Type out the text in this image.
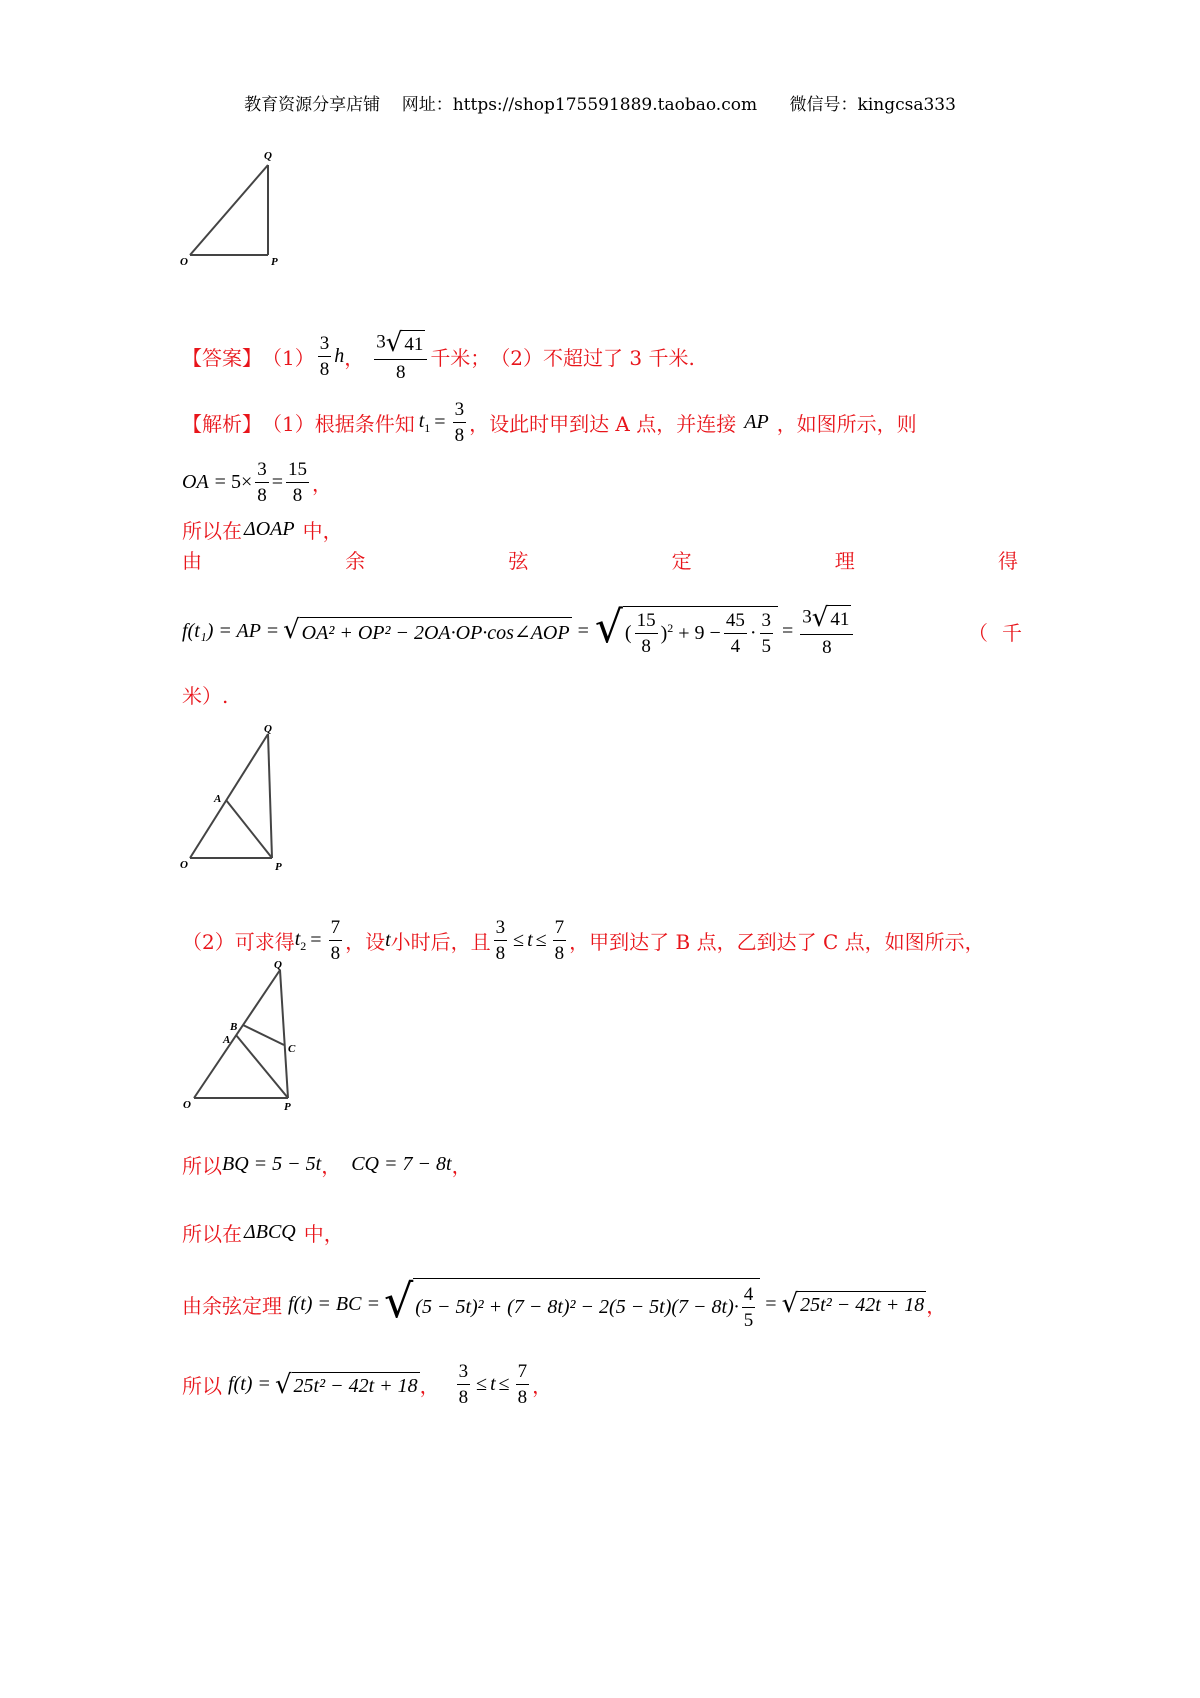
教育资源分享店铺 网址：https://shop175591889.taobao.com 微信号：kingcsa333
O	P
Q
【答案】 $(1) \frac{3}{8}$ h ， $\frac{3 √ 41}{8}$ 千米； （2）不超过了 3 千米.
【解析】 （1）根据条件知 $t_1 = \frac{3}{8}$ ，设此时甲到达 A 点，并连接 AP ，如图所示，则
OA = $5\times \frac{3}{8} = \frac{15}{8}$ ，
所以在 ΔOAP 中，
由	余	弦	定	理	得
f(t₁) = AP = √ OA² + OP² − 2OA·OP·cos∠AOP = √ ( $\frac{15}{8} )^2 + 9 - \frac{45}{4} \cdot \frac{3}{5} = \frac{3 √ 41}{8}$	（ 千
米）.
O	P
Q
A
（2）可求得 $t_2 = \frac{7}{8}$ ，设 t 小时后，且 $\frac{3}{8} \le t \le \frac{7}{8}$ ，甲到达了 B 点，乙到达了 C 点，如图所示，
O	P
Q
A
B
C
所以 BQ = 5 − 5t ， CQ = 7 − 8t ，
所以在 ΔBCQ 中，
由余弦定理 f(t) = BC = √ $(5 - 5t)^2 + (7 - 8t)^2 - 2(5 - 5t)(7 - 8t)\cdot \frac{4}{5}$ = √ 25t² − 42t + 18 ，
所以 f(t) = √ 25t² − 42t + 18 ， $\frac{3}{8} \le t \le \frac{7}{8}$ ，
